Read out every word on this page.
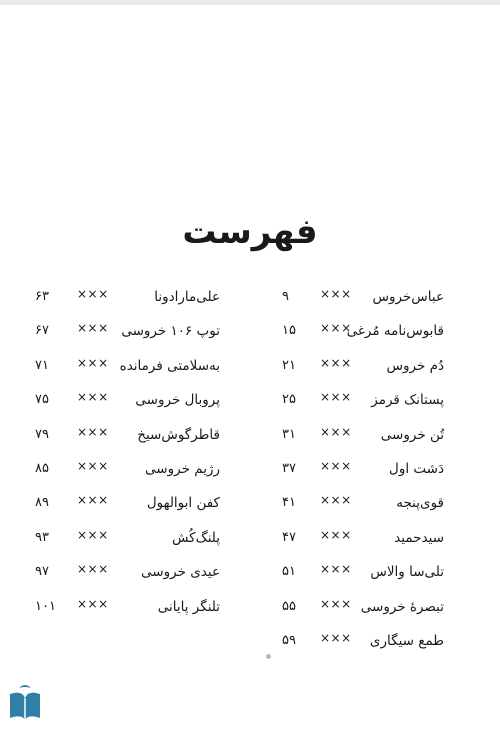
فهرست
عباس‌خروس
×××
۹
قابوس‌نامه مُرغی
×××
۱۵
دُم خروس
×××
۲۱
پستانک قرمز
×××
۲۵
تُن خروسی
×××
۳۱
دَشت اول
×××
۳۷
قوی‌پنجه
×××
۴۱
سیدحمید
×××
۴۷
تلی‌سا والاس
×××
۵۱
تبصرۀ خروسی
×××
۵۵
طمع سیگاری
×××
۵۹
علی‌مارادونا
×××
۶۳
توپ ۱۰۶ خروسی
×××
۶۷
به‌سلامتی فرمانده
×××
۷۱
پروبال خروسی
×××
۷۵
قاطرگوش‌سیخ
×××
۷۹
رژیم خروسی
×××
۸۵
کفن ابوالهول
×××
۸۹
پلنگ‌کُش
×××
۹۳
عیدی خروسی
×××
۹۷
تلنگر پایانی
×××
۱۰۱
